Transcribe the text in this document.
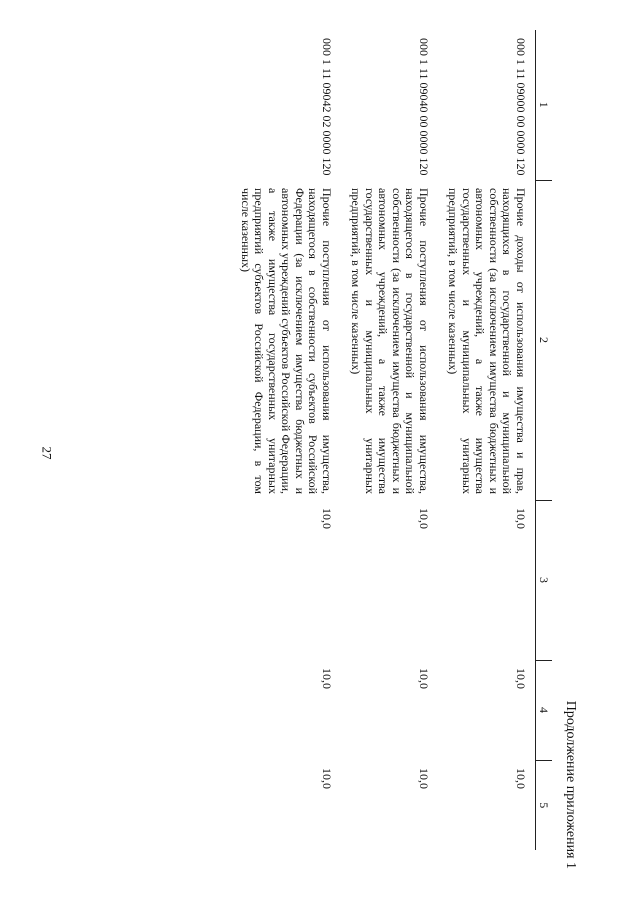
27
Продолжение приложения 1
1	2	3	4	5
000 1 11 09000 00 0000 120	Прочие доходы от использования имущества и прав, находящихся в государственной и муниципальной собственности (за исключением имущества бюджетных и автономных учреждений, а также имущества государственных и муниципальных унитарных предприятий, в том числе казенных)	10,0	10,0	10,0
000 1 11 09040 00 0000 120	Прочие поступления от использования имущества, находящегося в государственной и муниципальной собственности (за исключением имущества бюджетных и автономных учреждений, а также имущества государственных и муниципальных унитарных предприятий, в том числе казенных)	10,0	10,0	10,0
000 1 11 09042 02 0000 120	Прочие поступления от использования имущества, находящегося в собственности субъектов Российской Федерации (за исключением имущества бюджетных и автономных учреждений субъектов Российской Федерации, а также имущества государственных унитарных предприятий субъектов Российской Федерации, в том числе казенных)	10,0	10,0	10,0
